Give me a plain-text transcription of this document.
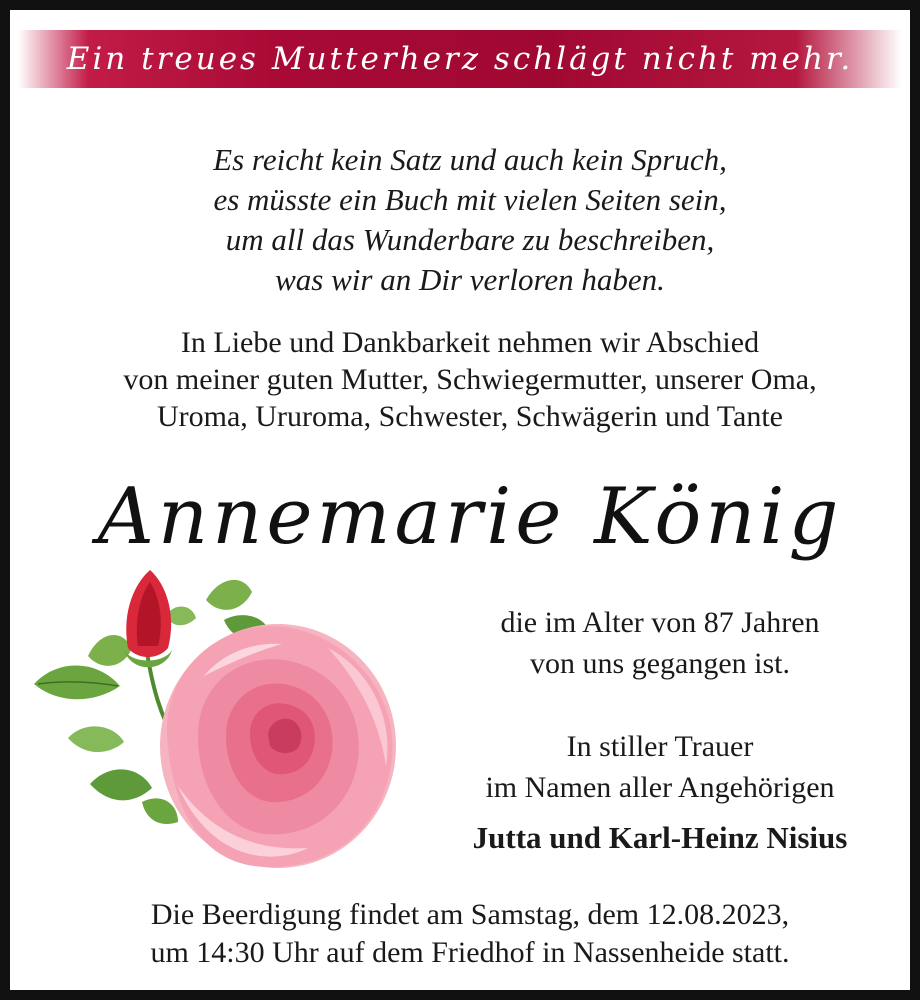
Ein treues Mutterherz schlägt nicht mehr.

Es reicht kein Satz und auch kein Spruch,
es müsste ein Buch mit vielen Seiten sein,
um all das Wunderbare zu beschreiben,
was wir an Dir verloren haben.

In Liebe und Dankbarkeit nehmen wir Abschied
von meiner guten Mutter, Schwiegermutter, unserer Oma,
Uroma, Ururoma, Schwester, Schwägerin und Tante

Annemarie König

die im Alter von 87 Jahren
von uns gegangen ist.

In stiller Trauer
im Namen aller Angehörigen

Jutta und Karl-Heinz Nisius

Die Beerdigung findet am Samstag, dem 12.08.2023,
um 14:30 Uhr auf dem Friedhof in Nassenheide statt.
